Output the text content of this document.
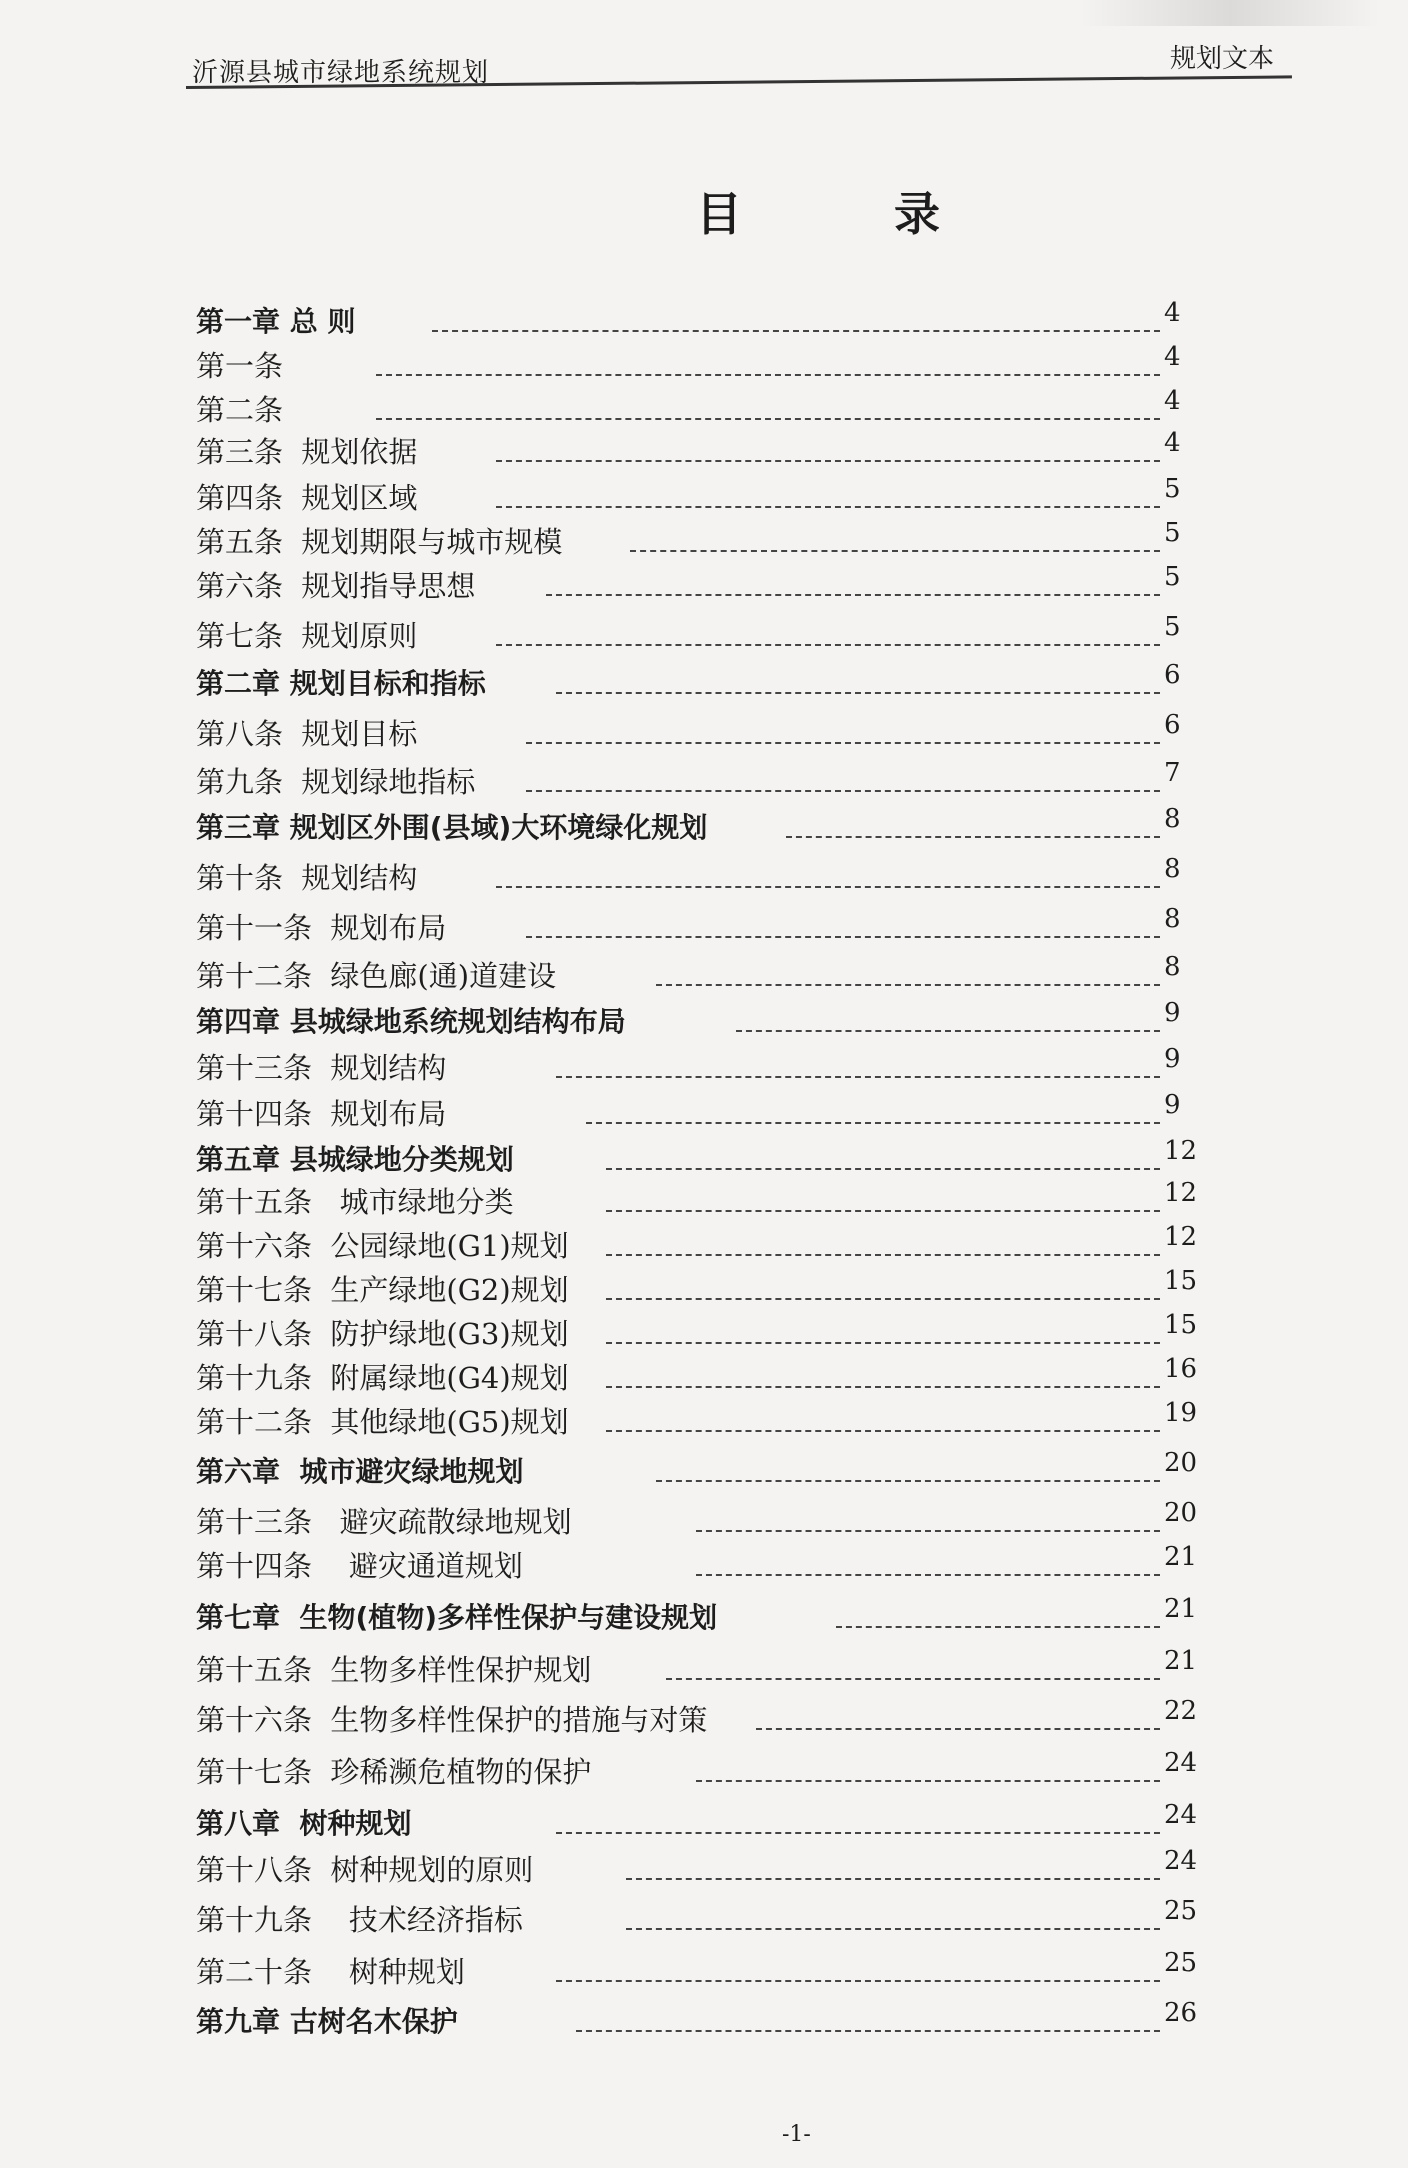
沂源县城市绿地系统规划	规划文本
目 录
第一章 总 则	4
第一条	4
第二条	4
第三条  规划依据	4
第四条  规划区域	5
第五条  规划期限与城市规模	5
第六条  规划指导思想	5
第七条  规划原则	5
第二章 规划目标和指标	6
第八条  规划目标	6
第九条  规划绿地指标	7
第三章 规划区外围(县域)大环境绿化规划	8
第十条  规划结构	8
第十一条  规划布局	8
第十二条  绿色廊(通)道建设	8
第四章 县城绿地系统规划结构布局	9
第十三条  规划结构	9
第十四条  规划布局	9
第五章 县城绿地分类规划	12
第十五条   城市绿地分类	12
第十六条  公园绿地(G1)规划	12
第十七条  生产绿地(G2)规划	15
第十八条  防护绿地(G3)规划	15
第十九条  附属绿地(G4)规划	16
第十二条  其他绿地(G5)规划	19
第六章  城市避灾绿地规划	20
第十三条   避灾疏散绿地规划	20
第十四条    避灾通道规划	21
第七章  生物(植物)多样性保护与建设规划	21
第十五条  生物多样性保护规划	21
第十六条  生物多样性保护的措施与对策	22
第十七条  珍稀濒危植物的保护	24
第八章  树种规划	24
第十八条  树种规划的原则	24
第十九条    技术经济指标	25
第二十条    树种规划	25
第九章 古树名木保护	26
-1-
